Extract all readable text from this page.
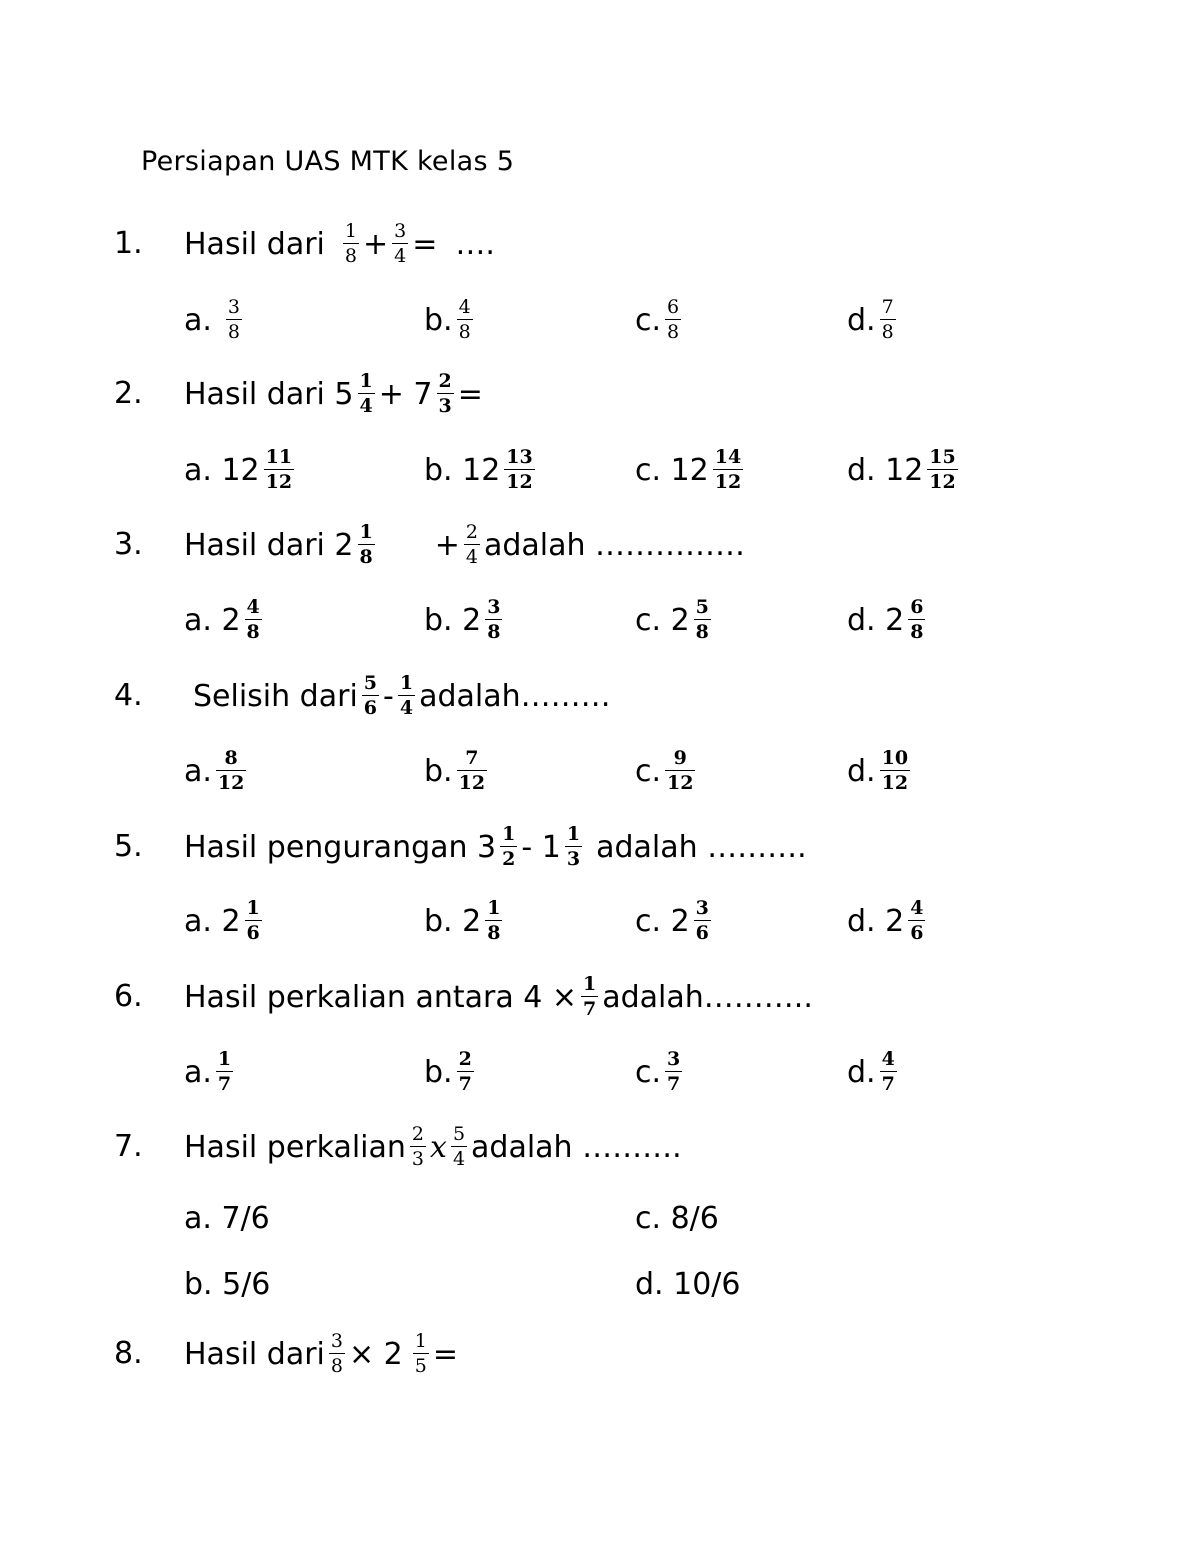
Persiapan UAS MTK kelas 5
1. Hasil dari $\frac{1}{8} + \frac{3}{4}$ = ….
a. $\frac{3}{8}$	b. $\frac{4}{8}$	c. $\frac{6}{8}$	d. $\frac{7}{8}$
2. Hasil dari $5 \frac{1}{4} + 7 \frac{2}{3}$ =
a. $12 \frac{11}{12}$	b. $12 \frac{13}{12}$	c. $12 \frac{14}{12}$	d. $12 \frac{15}{12}$
3. Hasil dari $2 \frac{1}{8} + \frac{2}{4}$ adalah ……………
a. $2 \frac{4}{8}$	b. $2 \frac{3}{8}$	c. $2 \frac{5}{8}$	d. $2 \frac{6}{8}$
4. Selisih dari $\frac{5}{6} - \frac{1}{4}$ adalah………
a. $\frac{8}{12}$	b. $\frac{7}{12}$	c. $\frac{9}{12}$	d. $\frac{10}{12}$
5. Hasil pengurangan $3 \frac{1}{2} - 1 \frac{1}{3}$ adalah ……….
a. $2 \frac{1}{6}$	b. $2 \frac{1}{8}$	c. $2 \frac{3}{6}$	d. $2 \frac{4}{6}$
6. Hasil perkalian antara $4 \times \frac{1}{7}$ adalah………..
a. $\frac{1}{7}$	b. $\frac{2}{7}$	c. $\frac{3}{7}$	d. $\frac{4}{7}$
7. Hasil perkalian $\frac{2}{3}$ x $\frac{5}{4}$ adalah ……….
a. 7/6	c. 8/6
b. 5/6	d. 10/6
8. Hasil dari $\frac{3}{8} \times 2 \frac{1}{5}$ =
